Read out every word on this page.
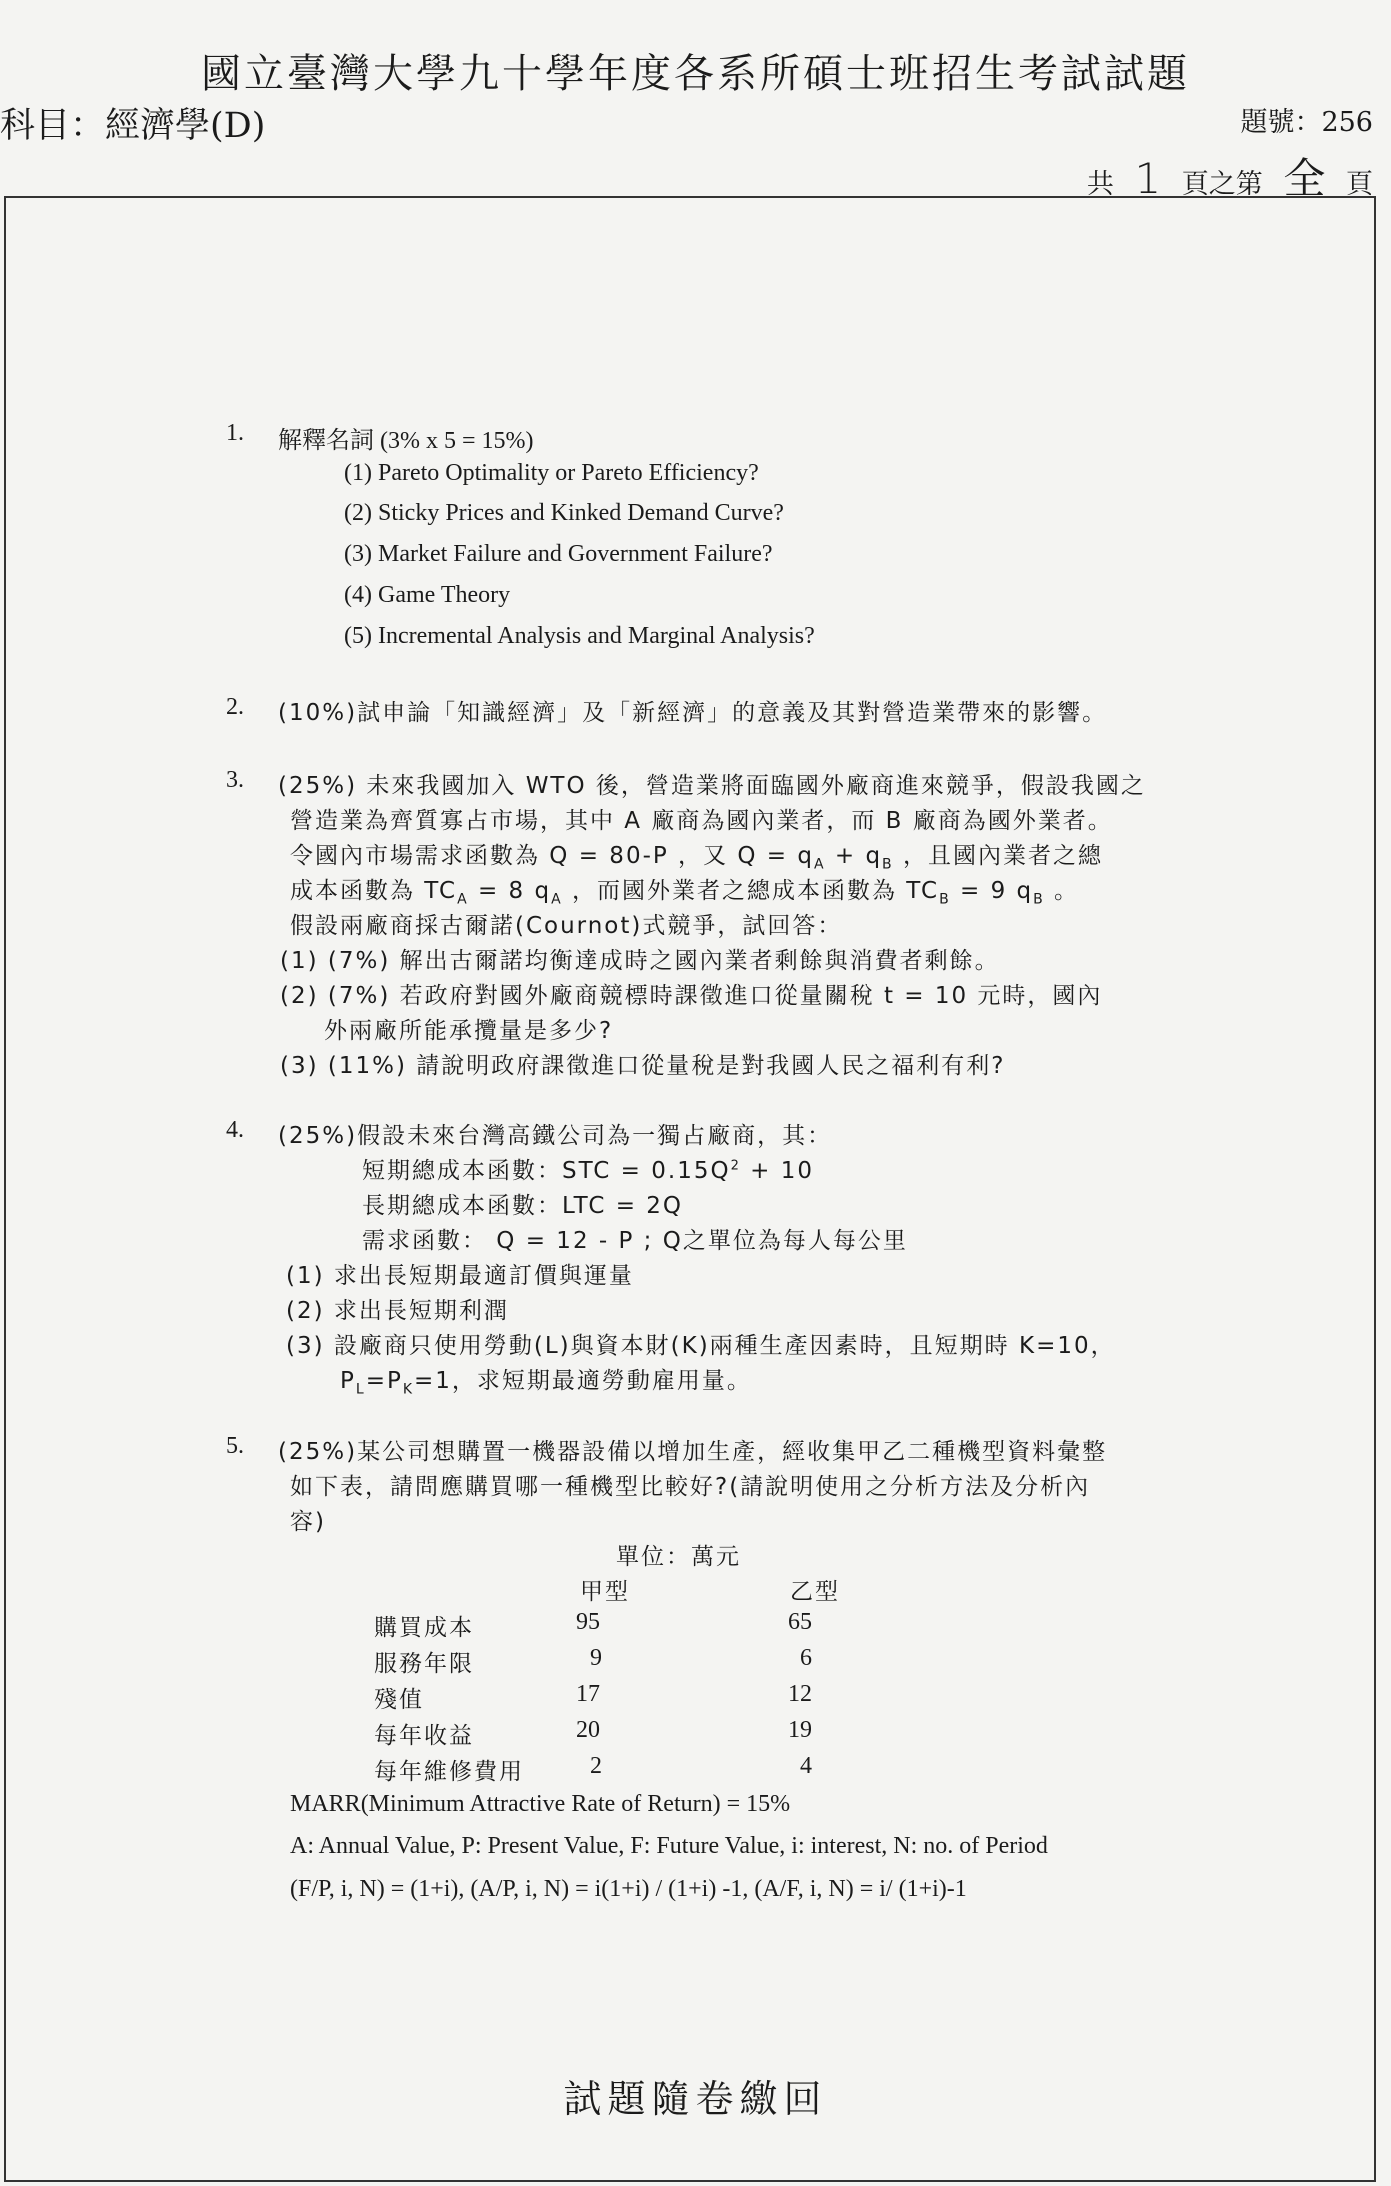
國立臺灣大學九十學年度各系所碩士班招生考試試題
科目：經濟學(D)	題號：256
共 1 頁之第 全 頁
1. 解釋名詞 (3% x 5 = 15%)
(1) Pareto Optimality or Pareto Efficiency?
(2) Sticky Prices and Kinked Demand Curve?
(3) Market Failure and Government Failure?
(4) Game Theory
(5) Incremental Analysis and Marginal Analysis?
2. (10%)試申論「知識經濟」及「新經濟」的意義及其對營造業帶來的影響。
3. (25%) 未來我國加入 WTO 後，營造業將面臨國外廠商進來競爭，假設我國之
營造業為齊質寡占市場，其中 A 廠商為國內業者，而 B 廠商為國外業者。
令國內市場需求函數為 Q = 80-P ，又 $Q = q_A + q_B$ ，且國內業者之總
成本函數為 $TC_A = 8$ $q_A$ ，而國外業者之總成本函數為 $TC_B = 9$ $q_B$ 。
假設兩廠商採古爾諾(Cournot)式競爭，試回答：
(1) (7%) 解出古爾諾均衡達成時之國內業者剩餘與消費者剩餘。
(2) (7%) 若政府對國外廠商競標時課徵進口從量關稅 t = 10 元時，國內
外兩廠所能承攬量是多少?
(3) (11%) 請說明政府課徵進口從量稅是對我國人民之福利有利?
4. (25%)假設未來台灣高鐵公司為一獨占廠商，其：
短期總成本函數：STC = $0.15Q^2 + 10$
長期總成本函數：LTC = 2Q
需求函數： Q = 12 - P ; Q之單位為每人每公里
(1) 求出長短期最適訂價與運量
(2) 求出長短期利潤
(3) 設廠商只使用勞動(L)與資本財(K)兩種生產因素時，且短期時 K=10，
$P_L=P_K=1$，求短期最適勞動雇用量。
5. (25%)某公司想購置一機器設備以增加生產，經收集甲乙二種機型資料彙整
如下表，請問應購買哪一種機型比較好?(請說明使用之分析方法及分析內
容)
單位：萬元
甲型	乙型
購買成本	95	65
服務年限	9	6
殘值	17	12
每年收益	20	19
每年維修費用	2	4
MARR(Minimum Attractive Rate of Return) = 15%
A: Annual Value, P: Present Value, F: Future Value, i: interest, N: no. of Period
(F/P, i, N) = (1+i), (A/P, i, N) = i(1+i) / (1+i) -1, (A/F, i, N) = i/ (1+i)-1
試題隨卷繳回
